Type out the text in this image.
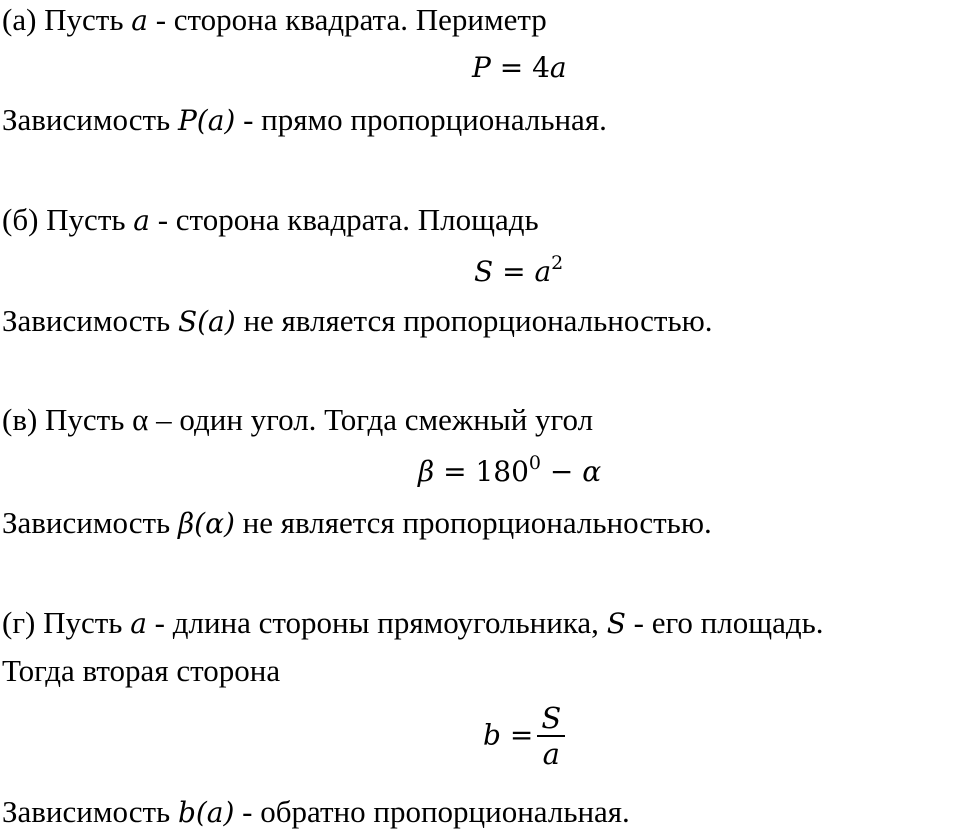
(а) Пусть a - сторона квадрата. Периметр
P = 4a
Зависимость P(a) - прямо пропорциональная.
(б) Пусть a - сторона квадрата. Площадь
$S = a^2$
Зависимость S(a) не является пропорциональностью.
(в) Пусть α – один угол. Тогда смежный угол
$\beta = 180^0 - \alpha$
Зависимость β(α) не является пропорциональностью.
(г) Пусть a - длина стороны прямоугольника, S - его площадь.
Тогда вторая сторона
$b = \frac{S}{a}$
Зависимость b(a) - обратно пропорциональная.
